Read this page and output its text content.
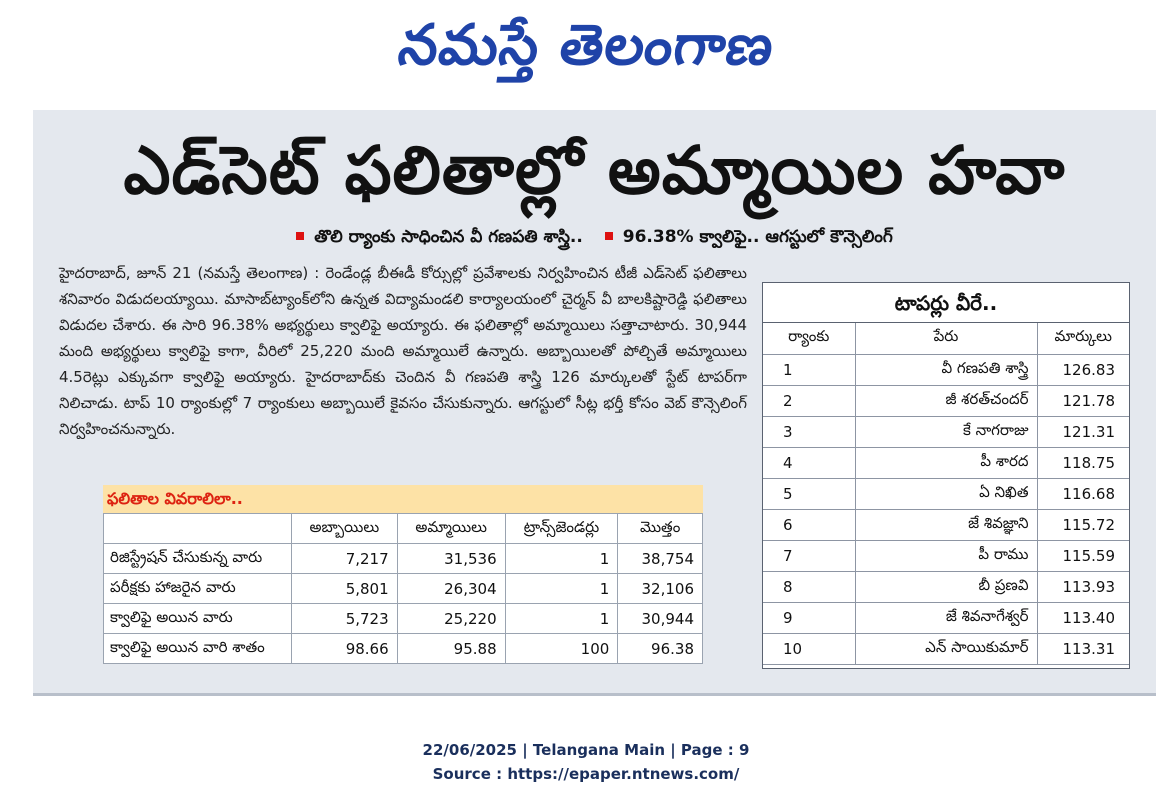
నమస్తే తెలంగాణ
ఎడ్‌సెట్ ఫలితాల్లో అమ్మాయిల హవా
తొలి ర్యాంకు సాధించిన వీ గణపతి శాస్త్రి.. 96.38% క్వాలిఫై.. ఆగస్టులో కౌన్సెలింగ్
హైదరాబాద్, జూన్ 21 (నమస్తే తెలంగాణ) : రెండేండ్ల బీఈడీ కోర్సుల్లో ప్రవేశాలకు నిర్వహించిన టీజీ ఎడ్‌సెట్ ఫలితాలు శనివారం విడుదలయ్యాయి. మాసాబ్‌ట్యాంక్‌లోని ఉన్నత విద్యామండలి కార్యాలయంలో చైర్మన్ వీ బాలకిష్టారెడ్డి ఫలితాలు విడుదల చేశారు. ఈ సారి 96.38% అభ్యర్థులు క్వాలిఫై అయ్యారు. ఈ ఫలితాల్లో అమ్మాయిలు సత్తాచాటారు. 30,944 మంది అభ్యర్థులు క్వాలిఫై కాగా, వీరిలో 25,220 మంది అమ్మాయిలే ఉన్నారు. అబ్బాయిలతో పోల్చితే అమ్మాయిలు 4.5రెట్లు ఎక్కువగా క్వాలిఫై అయ్యారు. హైదరాబాద్‌కు చెందిన వీ గణపతి శాస్త్రి 126 మార్కులతో స్టేట్ టాపర్‌గా నిలిచాడు. టాప్ 10 ర్యాంకుల్లో 7 ర్యాంకులు అబ్బాయిలే కైవసం చేసుకున్నారు. ఆగస్టులో సీట్ల భర్తీ కోసం వెబ్ కౌన్సెలింగ్ నిర్వహించనున్నారు.
ఫలితాల వివరాలిలా..
	అబ్బాయిలు	అమ్మాయిలు	ట్రాన్స్‌జెండర్లు	మొత్తం
రిజిస్ట్రేషన్ చేసుకున్న వారు	7,217	31,536	1	38,754
పరీక్షకు హాజరైన వారు	5,801	26,304	1	32,106
క్వాలిఫై అయిన వారు	5,723	25,220	1	30,944
క్వాలిఫై అయిన వారి శాతం	98.66	95.88	100	96.38
టాపర్లు వీరే..
ర్యాంకు	పేరు	మార్కులు
1	వీ గణపతి శాస్త్రి	126.83
2	జీ శరత్‌చందర్	121.78
3	కే నాగరాజు	121.31
4	పీ శారద	118.75
5	ఏ నిఖిత	116.68
6	జే శివజ్ఞాని	115.72
7	పీ రాము	115.59
8	బీ ప్రణవి	113.93
9	జే శివనాగేశ్వర్	113.40
10	ఎన్ సాయికుమార్	113.31
22/06/2025 | Telangana Main | Page : 9
Source : https://epaper.ntnews.com/
